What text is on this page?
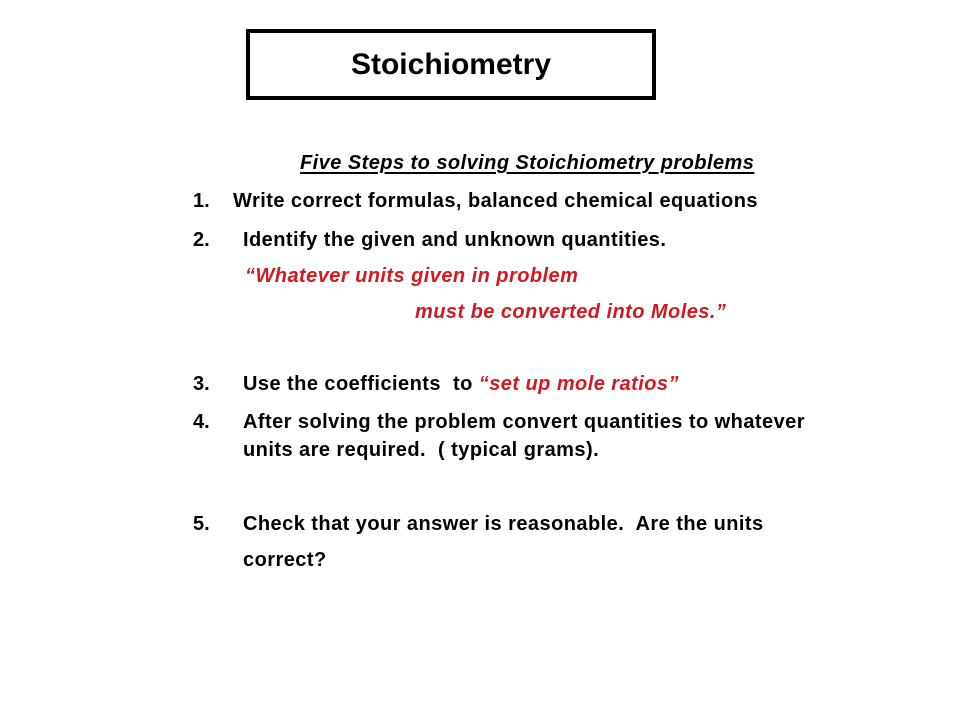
Stoichiometry
Five Steps to solving Stoichiometry problems
1. Write correct formulas, balanced chemical equations
2. Identify the given and unknown quantities.
“Whatever units given in problem
must be converted into Moles.”
3. Use the coefficients  to “set up mole ratios”
4. After solving the problem convert quantities to whatever
units are required.  ( typical grams).
5. Check that your answer is reasonable.  Are the units
correct?
